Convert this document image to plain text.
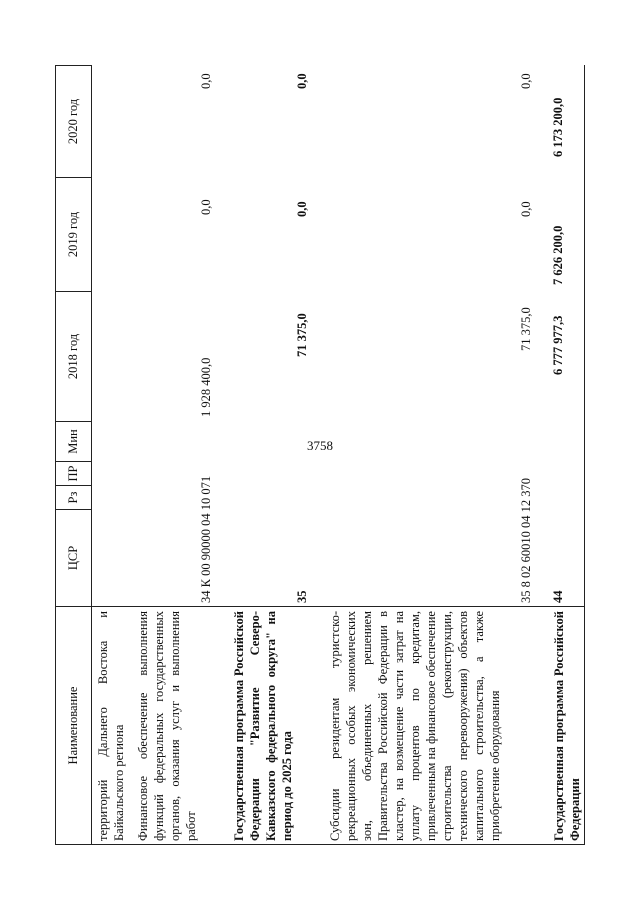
3758
Наименование
ЦСР
Рз
ПР
Мин
2018 год
2019 год
2020 год
территорий Дальнего Востока и Байкальского региона Финансовое обеспечение выполнения функций федеральных государственных органов, оказания услуг и выполнения работ
34 К 00 90000 04 10 071
1 928 400,0
0,0
0,0
Государственная программа Российской Федерации "Развитие Северо-Кавказского федерального округа" на период до 2025 года
35
71 375,0
0,0
0,0
Субсидии резидентам туристско-рекреационных особых экономических зон, объединенных решением Правительства Российской Федерации в кластер, на возмещение части затрат на уплату процентов по кредитам, привлеченным на финансовое обеспечение строительства (реконструкции, технического перевооружения) объектов капитального строительства, а также приобретение оборудования
35 8 02 60010 04 12 370
71 375,0
0,0
0,0
Государственная программа Российской Федерации
44
6 777 977,3
7 626 200,0
6 173 200,0
